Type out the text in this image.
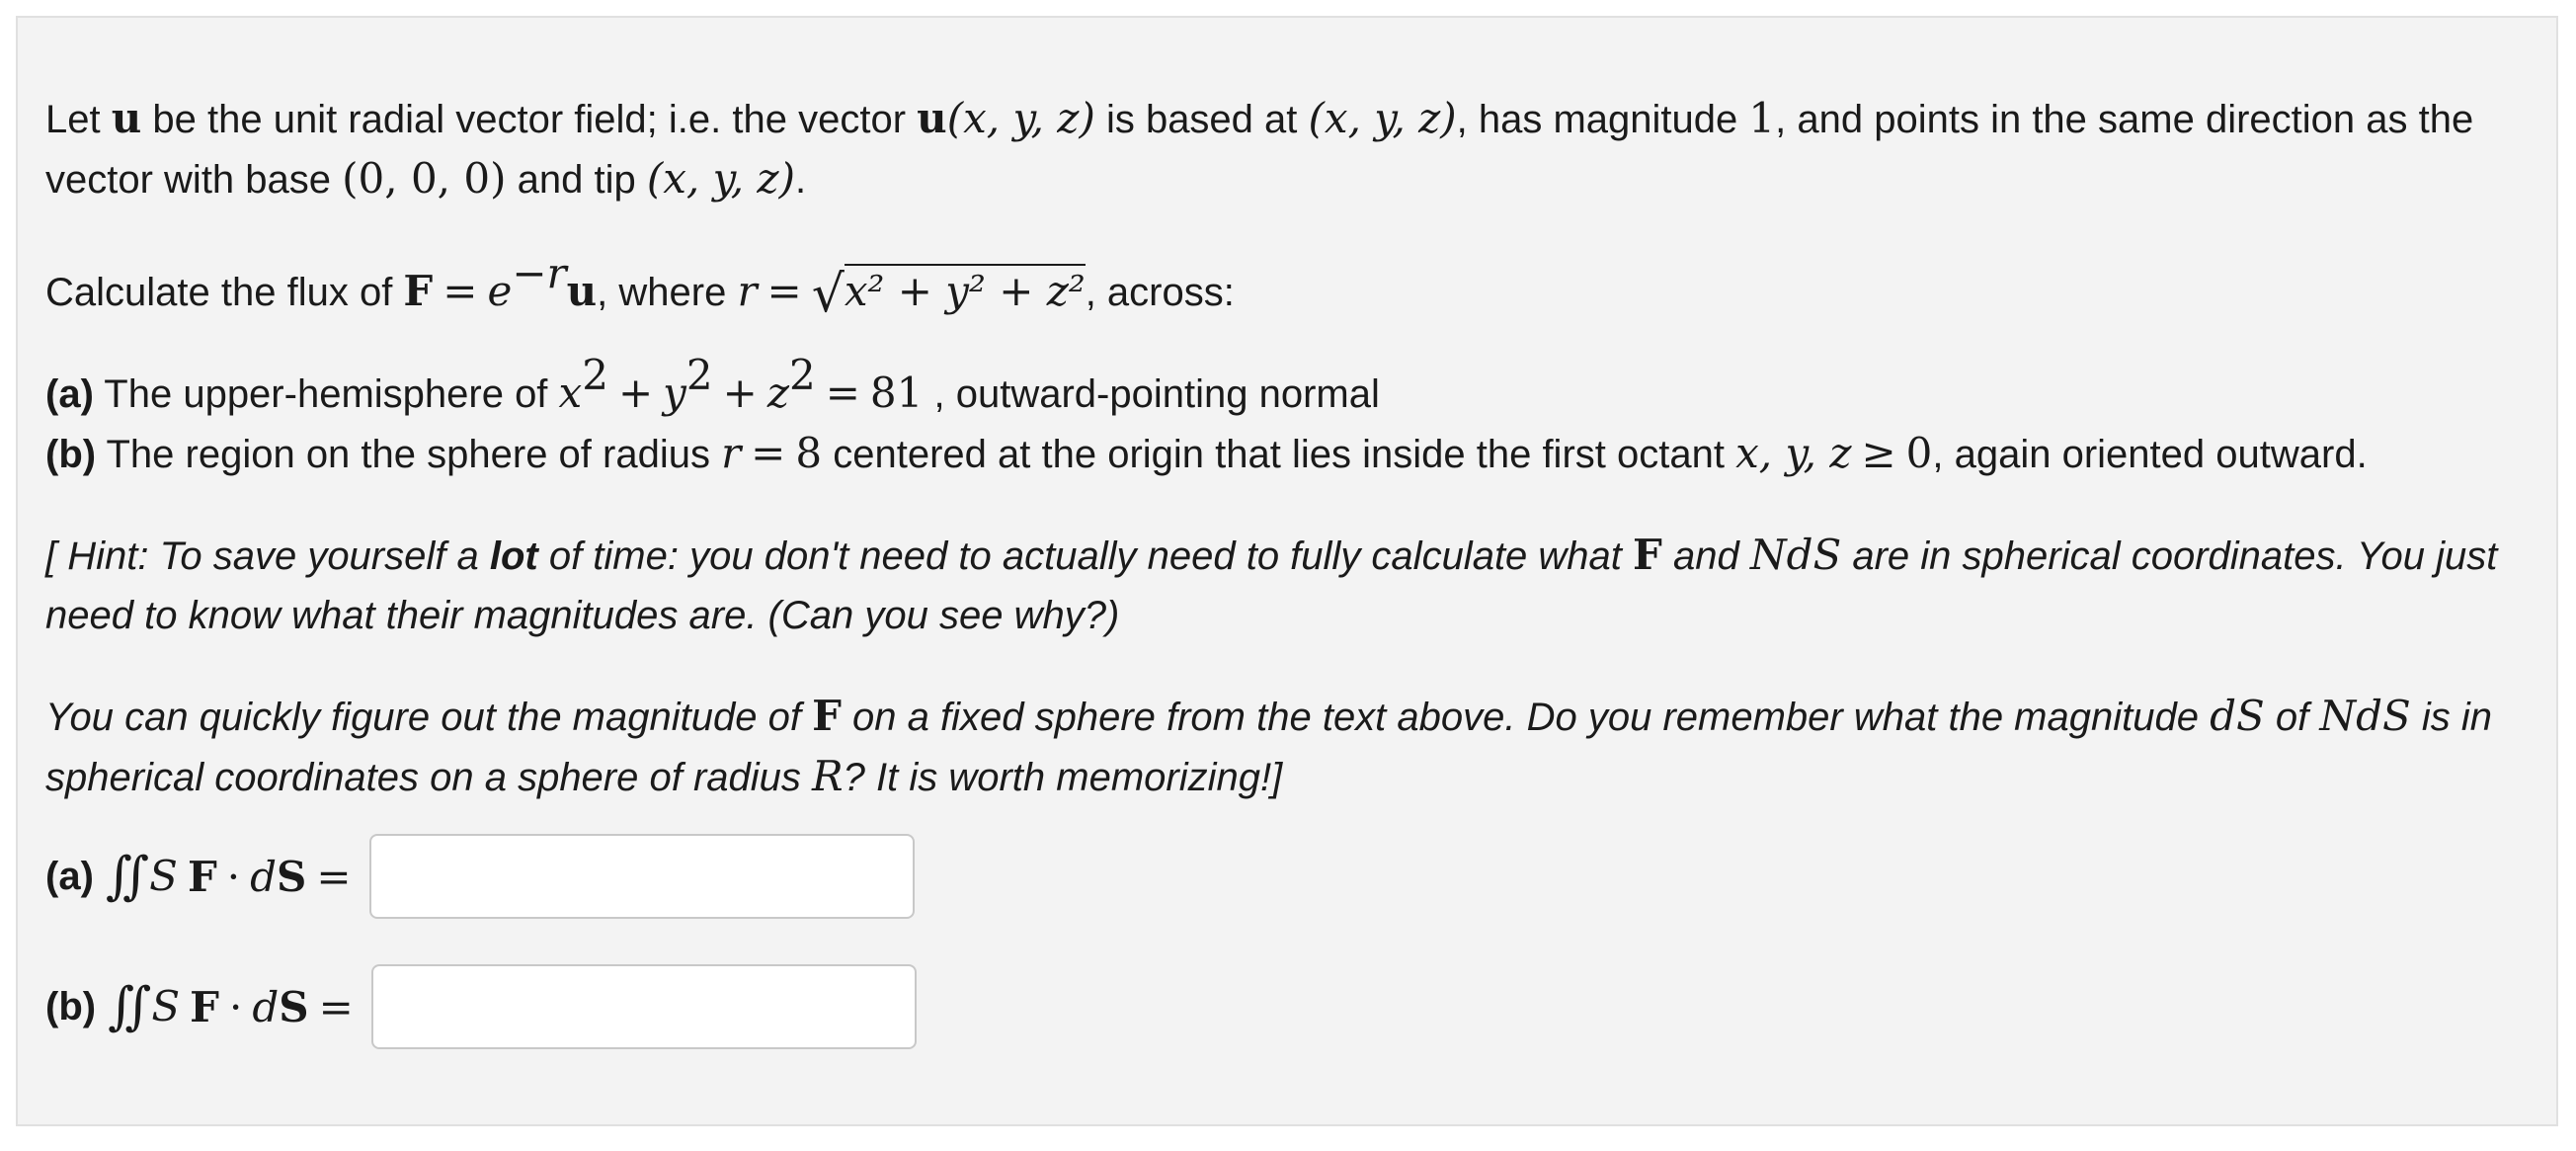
Let u be the unit radial vector field; i.e. the vector u(x, y, z) is based at (x, y, z), has magnitude 1, and points in the same direction as the vector with base (0, 0, 0) and tip (x, y, z).

Calculate the flux of $F = e^{-r}u$, where r = √x² + y² + z², across:

(a) The upper-hemisphere of $x^2 + y^2 + z^2 = 81$ , outward-pointing normal

(b) The region on the sphere of radius r = 8 centered at the origin that lies inside the first octant x, y, z ≥ 0, again oriented outward.

[ Hint: To save yourself a lot of time: you don't need to actually need to fully calculate what F and NdS are in spherical coordinates. You just need to know what their magnitudes are. (Can you see why?)

You can quickly figure out the magnitude of F on a fixed sphere from the text above. Do you remember what the magnitude dS of NdS is in spherical coordinates on a sphere of radius R? It is worth memorizing!]

(a) ∬ S F · d S =
(b) ∬ S F · d S =
